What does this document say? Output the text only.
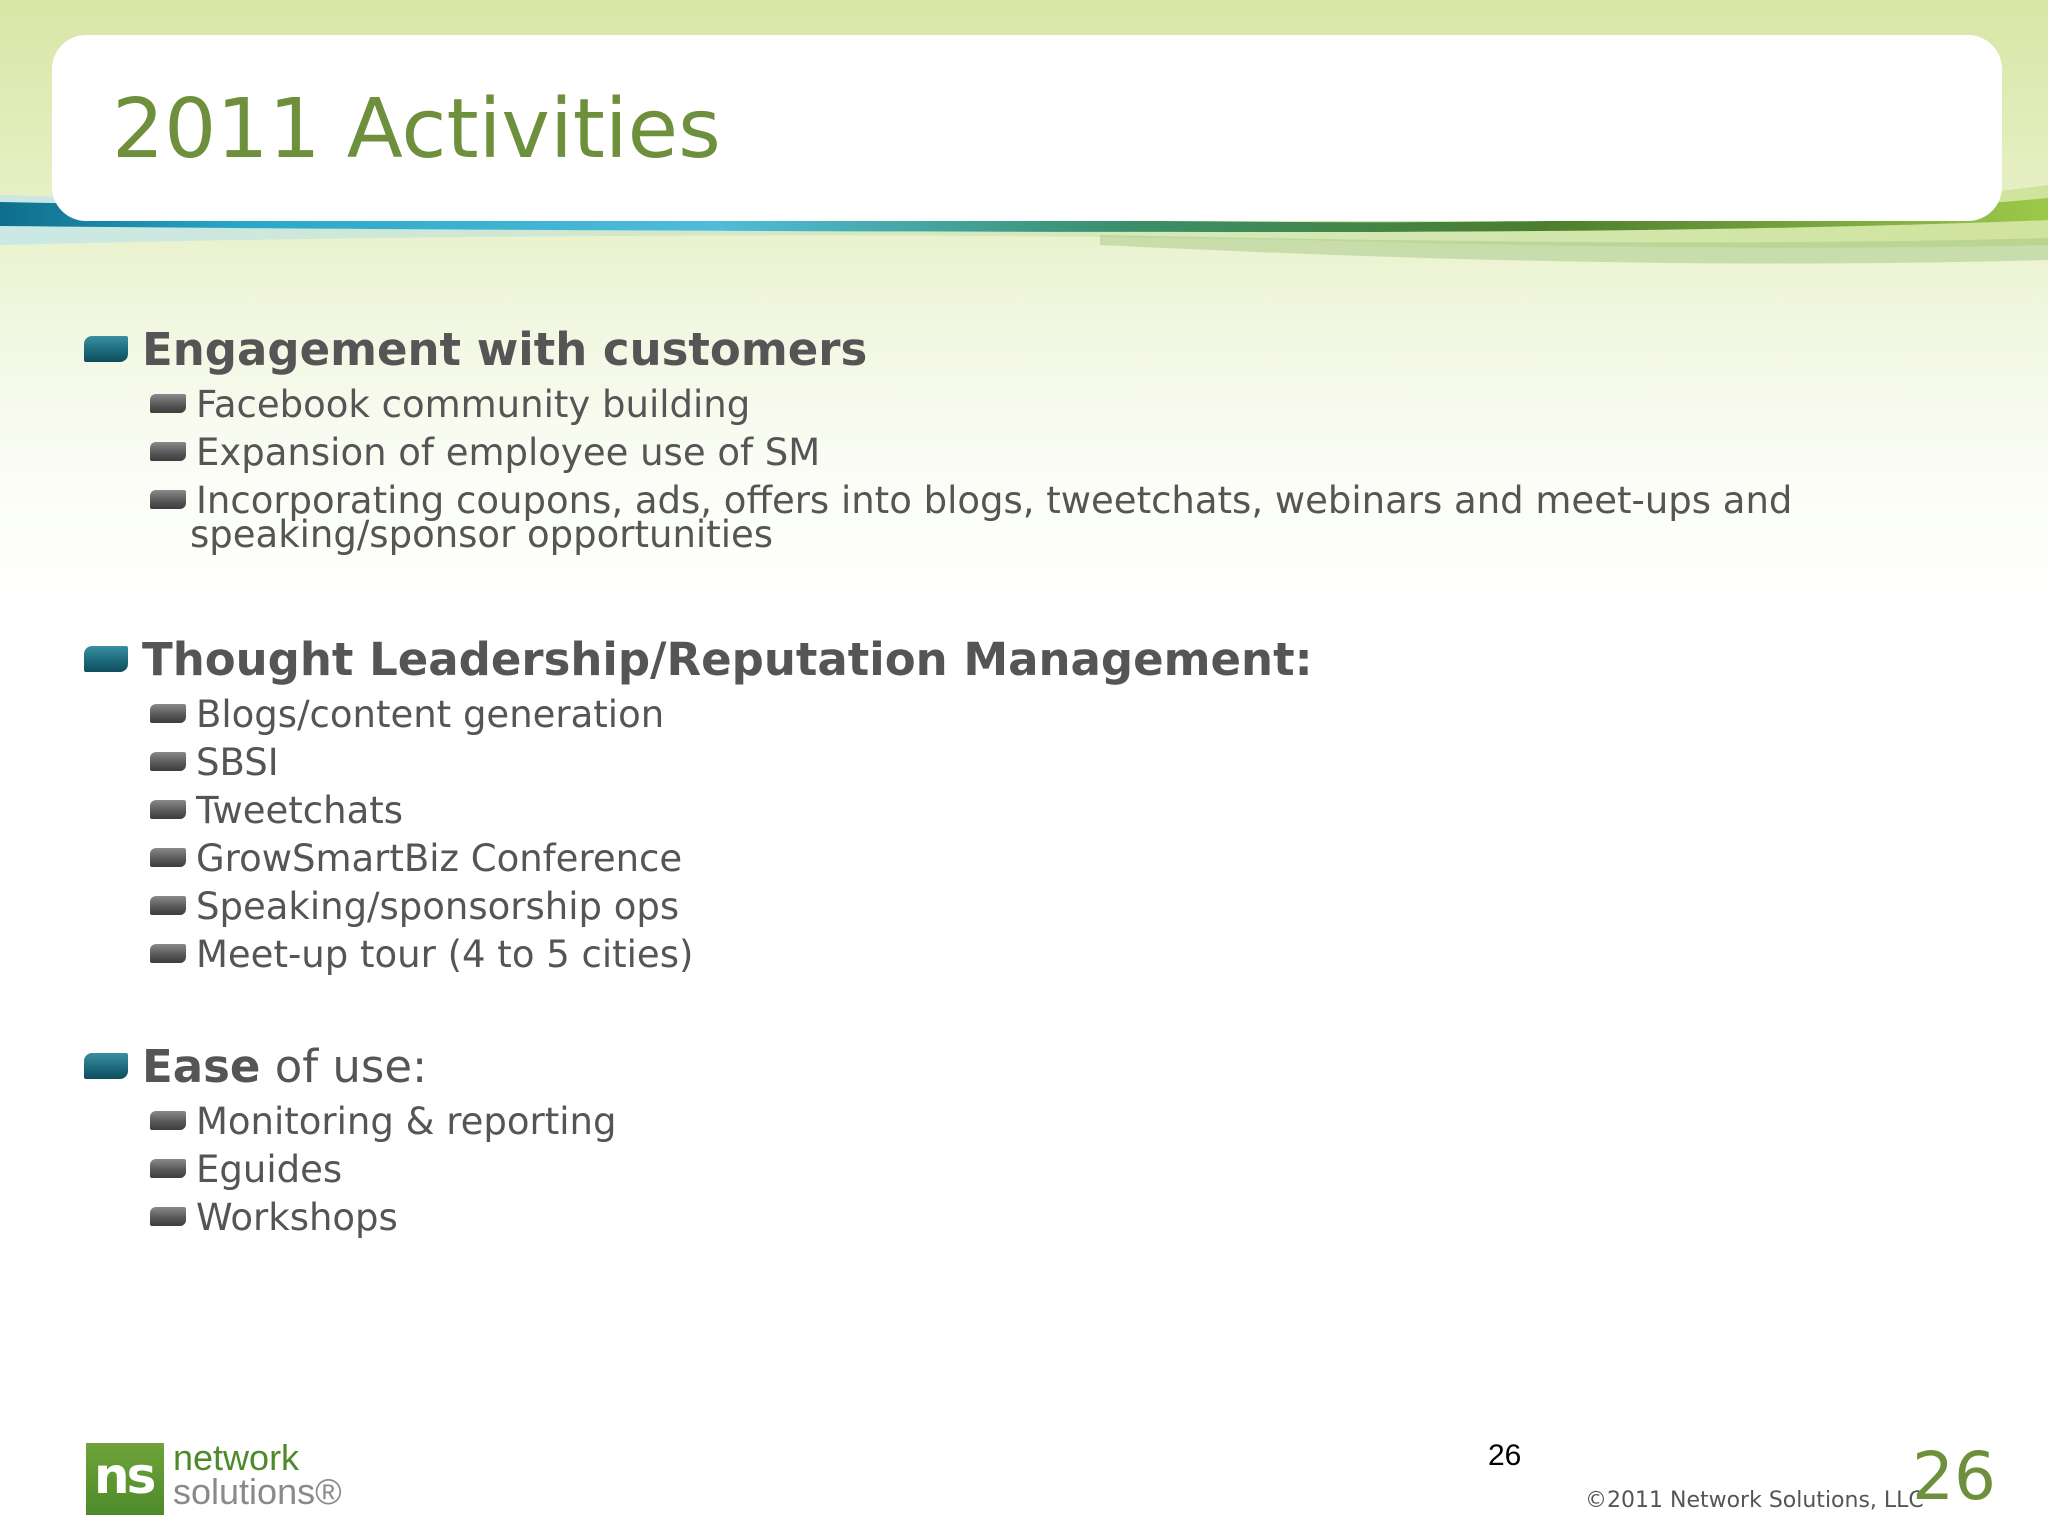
2011 Activities
Engagement with customers
Facebook community building
Expansion of employee use of SM
Incorporating coupons, ads, offers into blogs, tweetchats, webinars and meet-ups and
speaking/sponsor opportunities
Thought Leadership/Reputation Management:
Blogs/content generation
SBSI
Tweetchats
GrowSmartBiz Conference
Speaking/sponsorship ops
Meet-up tour (4 to 5 cities)
Ease of use:
Monitoring & reporting
Eguides
Workshops
ns network
solutions®
26
©2011 Network Solutions, LLC
26
